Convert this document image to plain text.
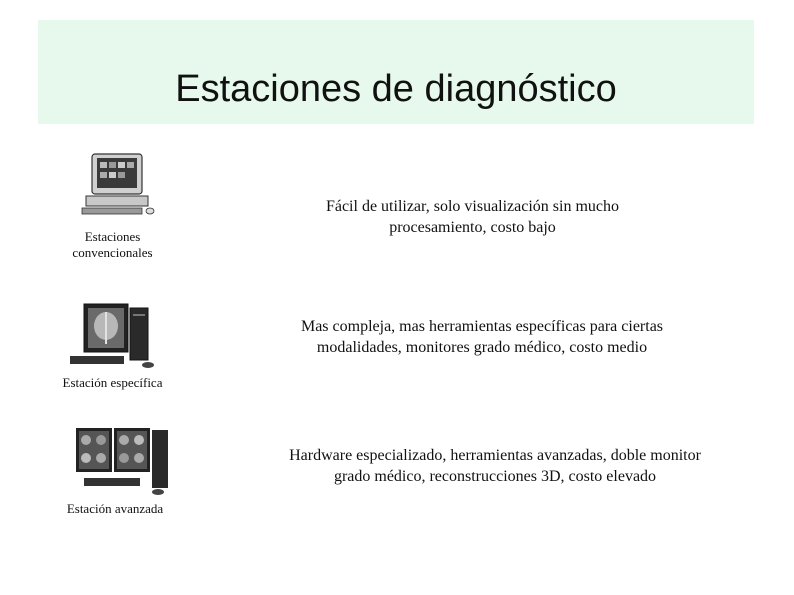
Estaciones de diagnóstico
Estaciones convencionales
Fácil de utilizar, solo visualización sin mucho procesamiento, costo bajo
Estación específica
Mas compleja, mas herramientas específicas para ciertas modalidades, monitores grado médico, costo medio
Estación avanzada
Hardware especializado, herramientas avanzadas, doble monitor grado médico, reconstrucciones 3D, costo elevado
